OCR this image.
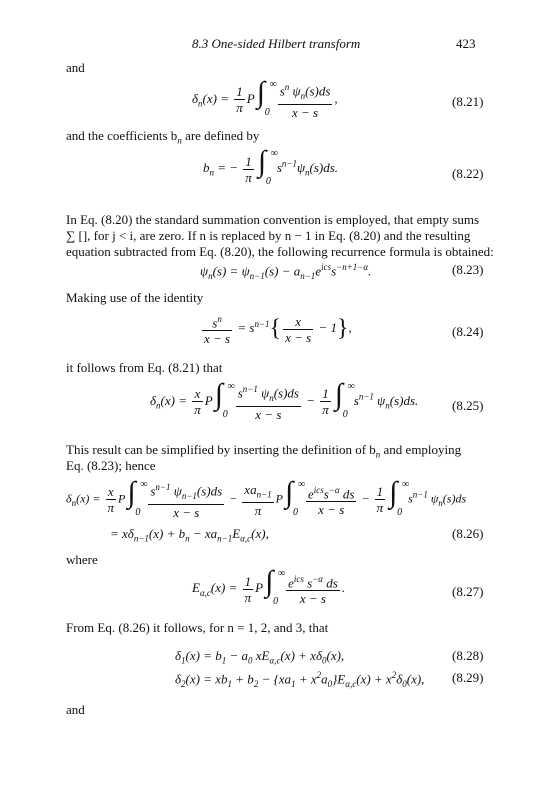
8.3 One-sided Hilbert transform	423
and
$\delta_n(x) = \frac{1}{\pi}$ P ∫ ∞
$0 \frac{s^n \psi_n(s)ds}{x - s}$ ,	(8.21)
and the coefficients $b_n$ are defined by
$b_n$ = − $\frac{1}{\pi}$ ∫ ∞
0
$s^{n-1}\psi_n(s)ds$.	(8.22)
In Eq. (8.20) the standard summation convention is employed, that empty sums
∑ [], for j < i, are zero. If n is replaced by n − 1 in Eq. (8.20) and the resulting
equation subtracted from Eq. (8.20), the following recurrence formula is obtained:
$\psi_n(s) = \psi_{n-1}(s) - a_{n-1}e^{ics}s^{-n+1-\alpha}$.	(8.23)
Making use of the identity
$\frac{s^n}{x - s} = s^{n-1}\{ \frac{x}{x - s} - 1\}$,	(8.24)
it follows from Eq. (8.21) that
$\delta_n(x) = \frac{x}{\pi}$ P ∫ ∞
$0 \frac{s^{n-1} \psi_n(s)ds}{x - s} - \frac{1}{\pi}$ ∫ ∞
0
$s^{n-1}$ $\psi_n(s)ds$.	(8.25)
This result can be simplified by inserting the definition of $b_n$ and employing
Eq. (8.23); hence
$\delta_n(x) = \frac{x}{\pi}$ P ∫ ∞
$0 \frac{s^{n-1} \psi_{n-1}(s)ds}{x - s} - \frac{xa_{n-1}}{\pi}$ P ∫ ∞
$0 \frac{e^{ics}s^{-\alpha} ds}{x - s} - \frac{1}{\pi}$ ∫ ∞
0
$s^{n-1}$ $\psi_n(s)ds$
= $x\delta_{n-1}(x) + b_n - xa_{n-1}E_{\alpha,c}(x)$,	(8.26)
where
$E_{\alpha,c}(x) = \frac{1}{\pi}$ P ∫ ∞
$0 \frac{e^{ics} s^{-\alpha} ds}{x - s}$ .	(8.27)
From Eq. (8.26) it follows, for n = 1, 2, and 3, that
$\delta_1(x) = b_1 - a_0$ $xE_{\alpha,c}(x) + x\delta_0(x)$,	(8.28)
$\delta_2(x) = xb_1 + b_2 - \{xa_1 + x^2a_0\}E_{\alpha,c}(x) + x^2\delta_0(x)$, (8.29)
and
